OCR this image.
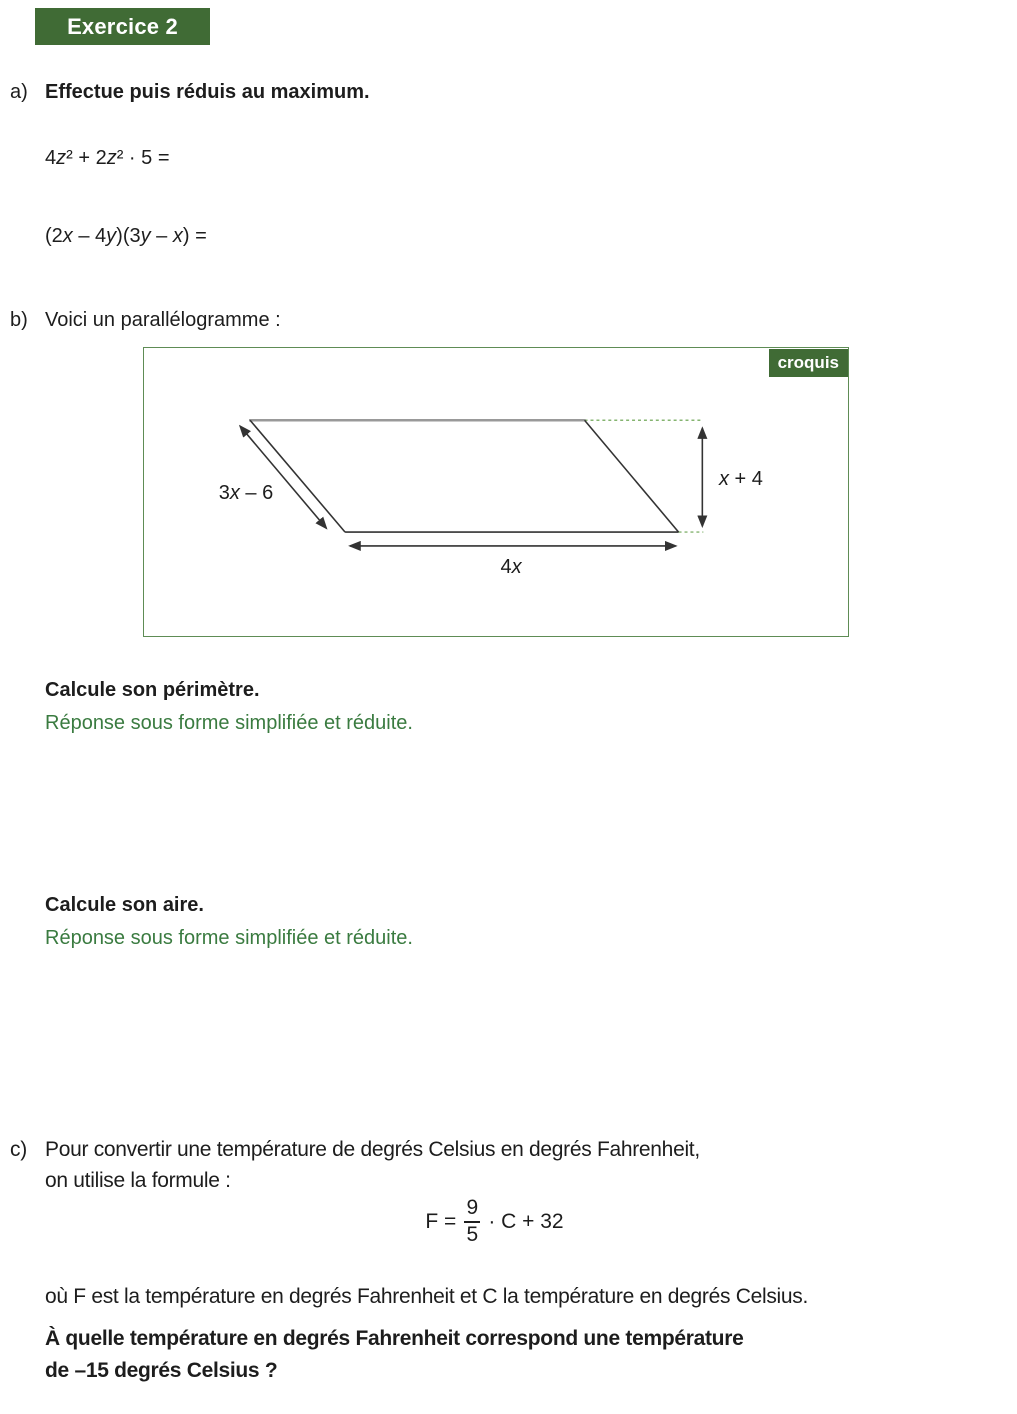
Exercice 2
a) Effectue puis réduis au maximum.
4z² + 2z² · 5 =
(2x – 4y)(3y – x) =
b) Voici un parallélogramme :
croquis
3x – 6
4x
x + 4
Calcule son périmètre.
Réponse sous forme simplifiée et réduite.
Calcule son aire.
Réponse sous forme simplifiée et réduite.
c) Pour convertir une température de degrés Celsius en degrés Fahrenheit,
on utilise la formule :
$F = \frac{9}{5} \cdot C + 32$
où F est la température en degrés Fahrenheit et C la température en degrés Celsius.
À quelle température en degrés Fahrenheit correspond une température
de –15 degrés Celsius ?
